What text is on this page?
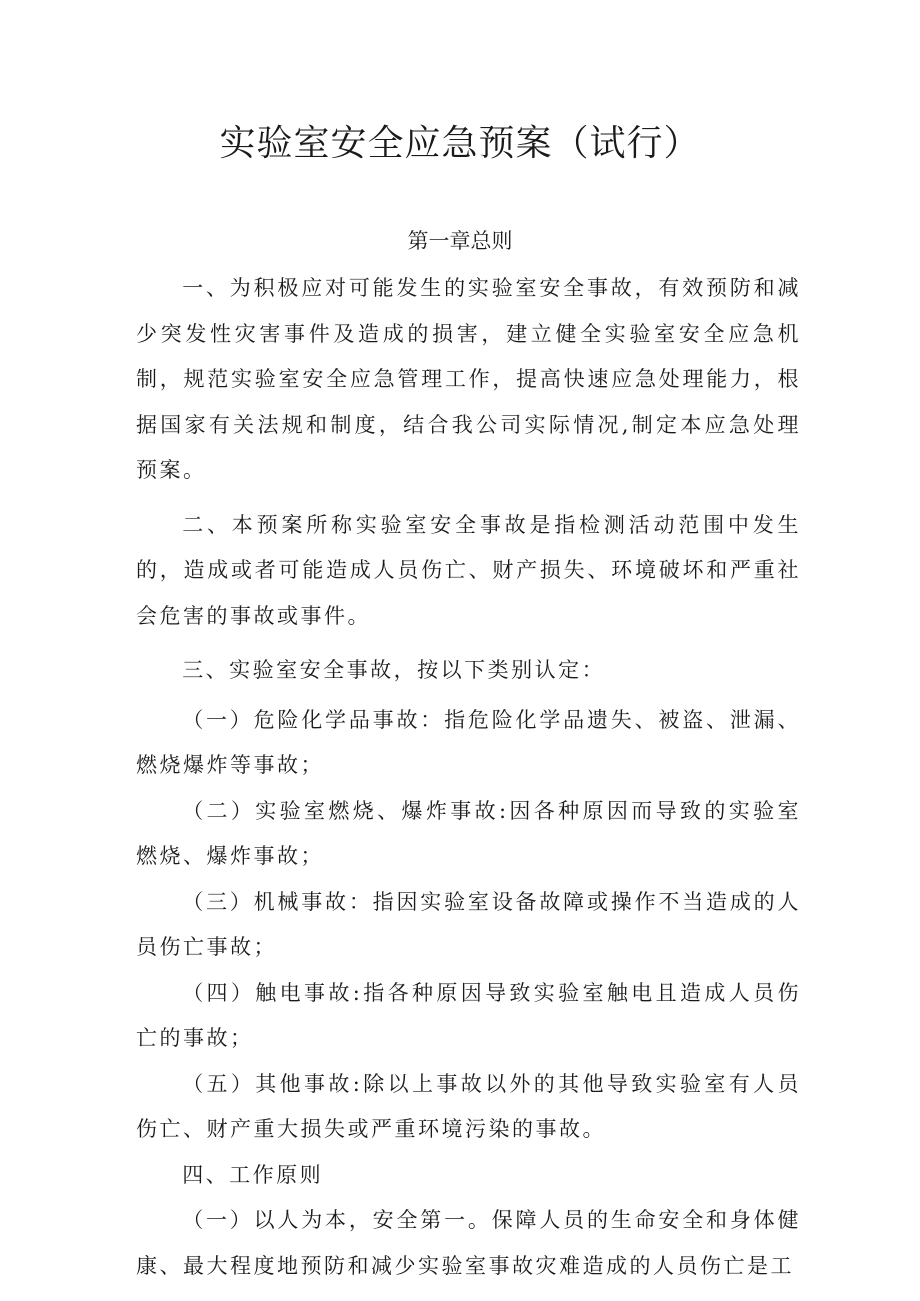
实验室安全应急预案（试行）
第一章总则

一、为积极应对可能发生的实验室安全事故，有效预防和减少突发性灾害事件及造成的损害，建立健全实验室安全应急机制，规范实验室安全应急管理工作，提高快速应急处理能力，根据国家有关法规和制度，结合我公司实际情况,制定本应急处理预案。

二、本预案所称实验室安全事故是指检测活动范围中发生的，造成或者可能造成人员伤亡、财产损失、环境破坏和严重社会危害的事故或事件。

三、实验室安全事故，按以下类别认定：

（一）危险化学品事故：指危险化学品遗失、被盗、泄漏、燃烧爆炸等事故；

（二）实验室燃烧、爆炸事故:因各种原因而导致的实验室燃烧、爆炸事故；

（三）机械事故：指因实验室设备故障或操作不当造成的人员伤亡事故；

（四）触电事故:指各种原因导致实验室触电且造成人员伤亡的事故；

（五）其他事故:除以上事故以外的其他导致实验室有人员伤亡、财产重大损失或严重环境污染的事故。

四、工作原则

（一）以人为本，安全第一。保障人员的生命安全和身体健康、最大程度地预防和减少实验室事故灾难造成的人员伤亡是工
